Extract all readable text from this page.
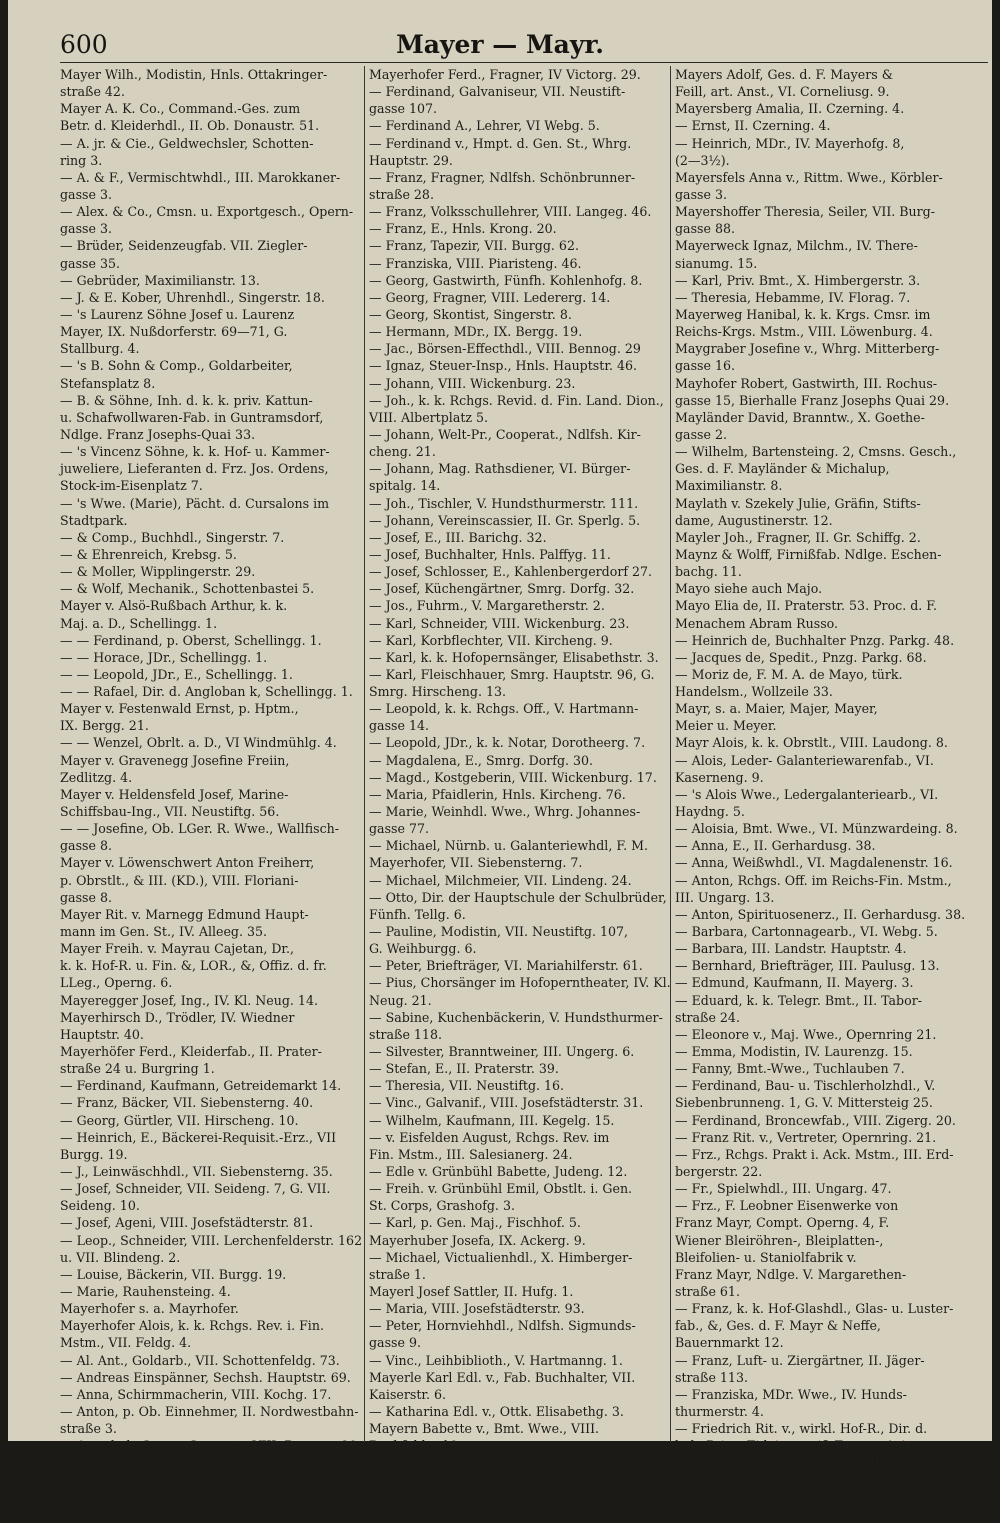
Mayer — Mayr.
600
Mayer Wilh., Modistin, Hnls. Ottakringer-
straße 42.
Mayer A. K. Co., Command.-Ges. zum
Betr. d. Kleiderhdl., II. Ob. Donaustr. 51.
— A. jr. & Cie., Geldwechsler, Schotten-
ring 3.
— A. & F., Vermischtwhdl., III. Marokkaner-
gasse 3.
— Alex. & Co., Cmsn. u. Exportgesch., Opern-
gasse 3.
— Brüder, Seidenzeugfab. VII. Ziegler-
gasse 35.
— Gebrüder, Maximilianstr. 13.
— J. & E. Kober, Uhrenhdl., Singerstr. 18.
— 's Laurenz Söhne Josef u. Laurenz
Mayer, IX. Nußdorferstr. 69—71, G.
Stallburg. 4.
— 's B. Sohn & Comp., Goldarbeiter,
Stefansplatz 8.
— B. & Söhne, Inh. d. k. k. priv. Kattun-
u. Schafwollwaren-Fab. in Guntramsdorf,
Ndlge. Franz Josephs-Quai 33.
— 's Vincenz Söhne, k. k. Hof- u. Kammer-
juweliere, Lieferanten d. Frz. Jos. Ordens,
Stock-im-Eisenplatz 7.
— 's Wwe. (Marie), Pächt. d. Cursalons im
Stadtpark.
— & Comp., Buchhdl., Singerstr. 7.
— & Ehrenreich, Krebsg. 5.
— & Moller, Wipplingerstr. 29.
— & Wolf, Mechanik., Schottenbastei 5.
Mayer v. Alsö-Rußbach Arthur, k. k.
Maj. a. D., Schellingg. 1.
— — Ferdinand, p. Oberst, Schellingg. 1.
— — Horace, JDr., Schellingg. 1.
— — Leopold, JDr., E., Schellingg. 1.
— — Rafael, Dir. d. Angloban k, Schellingg. 1.
Mayer v. Festenwald Ernst, p. Hptm.,
IX. Bergg. 21.
— — Wenzel, Obrlt. a. D., VI Windmühlg. 4.
Mayer v. Gravenegg Josefine Freiin,
Zedlitzg. 4.
Mayer v. Heldensfeld Josef, Marine-
Schiffsbau-Ing., VII. Neustiftg. 56.
— — Josefine, Ob. LGer. R. Wwe., Wallfisch-
gasse 8.
Mayer v. Löwenschwert Anton Freiherr,
p. Obrstlt., & III. (KD.), VIII. Floriani-
gasse 8.
Mayer Rit. v. Marnegg Edmund Haupt-
mann im Gen. St., IV. Alleeg. 35.
Mayer Freih. v. Mayrau Cajetan, Dr.,
k. k. Hof-R. u. Fin. &, LOR., &, Offiz. d. fr.
LLeg., Operng. 6.
Mayeregger Josef, Ing., IV. Kl. Neug. 14.
Mayerhirsch D., Trödler, IV. Wiedner
Hauptstr. 40.
Mayerhöfer Ferd., Kleiderfab., II. Prater-
straße 24 u. Burgring 1.
— Ferdinand, Kaufmann, Getreidemarkt 14.
— Franz, Bäcker, VII. Siebensterng. 40.
— Georg, Gürtler, VII. Hirscheng. 10.
— Heinrich, E., Bäckerei-Requisit.-Erz., VII
Burgg. 19.
— J., Leinwäschhdl., VII. Siebensterng. 35.
— Josef, Schneider, VII. Seideng. 7, G. VII.
Seideng. 10.
— Josef, Ageni, VIII. Josefstädterstr. 81.
— Leop., Schneider, VIII. Lerchenfelderstr. 162
u. VII. Blindeng. 2.
— Louise, Bäckerin, VII. Burgg. 19.
— Marie, Rauhensteing. 4.
Mayerhofer s. a. Mayrhofer.
Mayerhofer Alois, k. k. Rchgs. Rev. i. Fin.
Mstm., VII. Feldg. 4.
— Al. Ant., Goldarb., VII. Schottenfeldg. 73.
— Andreas Einspänner, Sechsh. Hauptstr. 69.
— Anna, Schirmmacherin, VIII. Kochg. 17.
— Anton, p. Ob. Einnehmer, II. Nordwestbahn-
straße 3.
— Ant., k. k. Steuer-Sequest., VIII. Bennog. 29.
— Anton, Kaffeesieder, Smrg. Hauptstr. 25.
— Bernhard, E., Hnls. Mitterberg. 35.
— Elisab., Kaffeeschank. Ndlfsh. Schmidg. 26.
— Emilie, Spiegelg. 21.
Mayerhofer Ferd., Fragner, IV Victorg. 29.
— Ferdinand, Galvaniseur, VII. Neustift-
gasse 107.
— Ferdinand A., Lehrer, VI Webg. 5.
— Ferdinand v., Hmpt. d. Gen. St., Whrg.
Hauptstr. 29.
— Franz, Fragner, Ndlfsh. Schönbrunner-
straße 28.
— Franz, Volksschullehrer, VIII. Langeg. 46.
— Franz, E., Hnls. Krong. 20.
— Franz, Tapezir, VII. Burgg. 62.
— Franziska, VIII. Piaristeng. 46.
— Georg, Gastwirth, Fünfh. Kohlenhofg. 8.
— Georg, Fragner, VIII. Ledererg. 14.
— Georg, Skontist, Singerstr. 8.
— Hermann, MDr., IX. Bergg. 19.
— Jac., Börsen-Effecthdl., VIII. Bennog. 29
— Ignaz, Steuer-Insp., Hnls. Hauptstr. 46.
— Johann, VIII. Wickenburg. 23.
— Joh., k. k. Rchgs. Revid. d. Fin. Land. Dion.,
VIII. Albertplatz 5.
— Johann, Welt-Pr., Cooperat., Ndlfsh. Kir-
cheng. 21.
— Johann, Mag. Rathsdiener, VI. Bürger-
spitalg. 14.
— Joh., Tischler, V. Hundsthurmerstr. 111.
— Johann, Vereinscassier, II. Gr. Sperlg. 5.
— Josef, E., III. Barichg. 32.
— Josef, Buchhalter, Hnls. Palffyg. 11.
— Josef, Schlosser, E., Kahlenbergerdorf 27.
— Josef, Küchengärtner, Smrg. Dorfg. 32.
— Jos., Fuhrm., V. Margaretherstr. 2.
— Karl, Schneider, VIII. Wickenburg. 23.
— Karl, Korbflechter, VII. Kircheng. 9.
— Karl, k. k. Hofopernsänger, Elisabethstr. 3.
— Karl, Fleischhauer, Smrg. Hauptstr. 96, G.
Smrg. Hirscheng. 13.
— Leopold, k. k. Rchgs. Off., V. Hartmann-
gasse 14.
— Leopold, JDr., k. k. Notar, Dorotheerg. 7.
— Magdalena, E., Smrg. Dorfg. 30.
— Magd., Kostgeberin, VIII. Wickenburg. 17.
— Maria, Pfaidlerin, Hnls. Kircheng. 76.
— Marie, Weinhdl. Wwe., Whrg. Johannes-
gasse 77.
— Michael, Nürnb. u. Galanteriewhdl, F. M.
Mayerhofer, VII. Siebensterng. 7.
— Michael, Milchmeier, VII. Lindeng. 24.
— Otto, Dir. der Hauptschule der Schulbrüder,
Fünfh. Tellg. 6.
— Pauline, Modistin, VII. Neustiftg. 107,
G. Weihburgg. 6.
— Peter, Briefträger, VI. Mariahilferstr. 61.
— Pius, Chorsänger im Hofoperntheater, IV. Kl.
Neug. 21.
— Sabine, Kuchenbäckerin, V. Hundsthurmer-
straße 118.
— Silvester, Branntweiner, III. Ungerg. 6.
— Stefan, E., II. Praterstr. 39.
— Theresia, VII. Neustiftg. 16.
— Vinc., Galvanif., VIII. Josefstädterstr. 31.
— Wilhelm, Kaufmann, III. Kegelg. 15.
— v. Eisfelden August, Rchgs. Rev. im
Fin. Mstm., III. Salesianerg. 24.
— Edle v. Grünbühl Babette, Judeng. 12.
— Freih. v. Grünbühl Emil, Obstlt. i. Gen.
St. Corps, Grashofg. 3.
— Karl, p. Gen. Maj., Fischhof. 5.
Mayerhuber Josefa, IX. Ackerg. 9.
— Michael, Victualienhdl., X. Himberger-
straße 1.
Mayerl Josef Sattler, II. Hufg. 1.
— Maria, VIII. Josefstädterstr. 93.
— Peter, Hornviehhdl., Ndlfsh. Sigmunds-
gasse 9.
— Vinc., Leihbiblioth., V. Hartmanng. 1.
Mayerle Karl Edl. v., Fab. Buchhalter, VII.
Kaiserstr. 6.
— Katharina Edl. v., Ottk. Elisabethg. 3.
Mayern Babette v., Bmt. Wwe., VIII.
Buchfeldg. 19.
— Franz v., p. Min. R., Gauermanng. 4.
— Franz, Hptm. im Expd. d. Reichs-Krgs.
Mstm., III. Landstr. Hauptstr. 74.
— Karl, Hptm., III. Landstr. Hauptstr. 72.
Mayers Adolf, Ges. d. F. Mayers &
Feill, art. Anst., VI. Corneliusg. 9.
Mayersberg Amalia, II. Czerning. 4.
— Ernst, II. Czerning. 4.
— Heinrich, MDr., IV. Mayerhofg. 8,
(2—3½).
Mayersfels Anna v., Rittm. Wwe., Körbler-
gasse 3.
Mayershoffer Theresia, Seiler, VII. Burg-
gasse 88.
Mayerweck Ignaz, Milchm., IV. There-
sianumg. 15.
— Karl, Priv. Bmt., X. Himbergerstr. 3.
— Theresia, Hebamme, IV. Florag. 7.
Mayerweg Hanibal, k. k. Krgs. Cmsr. im
Reichs-Krgs. Mstm., VIII. Löwenburg. 4.
Maygraber Josefine v., Whrg. Mitterberg-
gasse 16.
Mayhofer Robert, Gastwirth, III. Rochus-
gasse 15, Bierhalle Franz Josephs Quai 29.
Mayländer David, Branntw., X. Goethe-
gasse 2.
— Wilhelm, Bartensteing. 2, Cmsns. Gesch.,
Ges. d. F. Mayländer & Michalup,
Maximilianstr. 8.
Maylath v. Szekely Julie, Gräfin, Stifts-
dame, Augustinerstr. 12.
Mayler Joh., Fragner, II. Gr. Schiffg. 2.
Maynz & Wolff, Firnißfab. Ndlge. Eschen-
bachg. 11.
Mayo siehe auch Majo.
Mayo Elia de, II. Praterstr. 53. Proc. d. F.
Menachem Abram Russo.
— Heinrich de, Buchhalter Pnzg. Parkg. 48.
— Jacques de, Spedit., Pnzg. Parkg. 68.
— Moriz de, F. M. A. de Mayo, türk.
Handelsm., Wollzeile 33.
Mayr, s. a. Maier, Majer, Mayer,
Meier u. Meyer.
Mayr Alois, k. k. Obrstlt., VIII. Laudong. 8.
— Alois, Leder- Galanteriewarenfab., VI.
Kaserneng. 9.
— 's Alois Wwe., Ledergalanteriearb., VI.
Haydng. 5.
— Aloisia, Bmt. Wwe., VI. Münzwardeing. 8.
— Anna, E., II. Gerhardusg. 38.
— Anna, Weißwhdl., VI. Magdalenenstr. 16.
— Anton, Rchgs. Off. im Reichs-Fin. Mstm.,
III. Ungarg. 13.
— Anton, Spirituosenerz., II. Gerhardusg. 38.
— Barbara, Cartonnagearb., VI. Webg. 5.
— Barbara, III. Landstr. Hauptstr. 4.
— Bernhard, Briefträger, III. Paulusg. 13.
— Edmund, Kaufmann, II. Mayerg. 3.
— Eduard, k. k. Telegr. Bmt., II. Tabor-
straße 24.
— Eleonore v., Maj. Wwe., Opernring 21.
— Emma, Modistin, IV. Laurenzg. 15.
— Fanny, Bmt.-Wwe., Tuchlauben 7.
— Ferdinand, Bau- u. Tischlerholzhdl., V.
Siebenbrunneng. 1, G. V. Mittersteig 25.
— Ferdinand, Broncewfab., VIII. Zigerg. 20.
— Franz Rit. v., Vertreter, Opernring. 21.
— Frz., Rchgs. Prakt i. Ack. Mstm., III. Erd-
bergerstr. 22.
— Fr., Spielwhdl., III. Ungarg. 47.
— Frz., F. Leobner Eisenwerke von
Franz Mayr, Compt. Operng. 4, F.
Wiener Bleiröhren-, Bleiplatten-,
Bleifolien- u. Staniolfabrik v.
Franz Mayr, Ndlge. V. Margarethen-
straße 61.
— Franz, k. k. Hof-Glashdl., Glas- u. Luster-
fab., &, Ges. d. F. Mayr & Neffe,
Bauernmarkt 12.
— Franz, Luft- u. Ziergärtner, II. Jäger-
straße 113.
— Franziska, MDr. Wwe., IV. Hunds-
thurmerstr. 4.
— Friedrich Rit. v., wirkl. Hof-R., Dir. d.
k. k. Priv.-, Fideicommiß-Fam. u. Avit.
Fonds-Cassen-Dion., LOR., & III., R. d. fr.
LLeg., Offiz. d. grch. EO., Bes. d. türk.
Medj. O. III., Offiz. d. tosc. Civ. V. O.,
V. Hundsthurmerstr. 21.
